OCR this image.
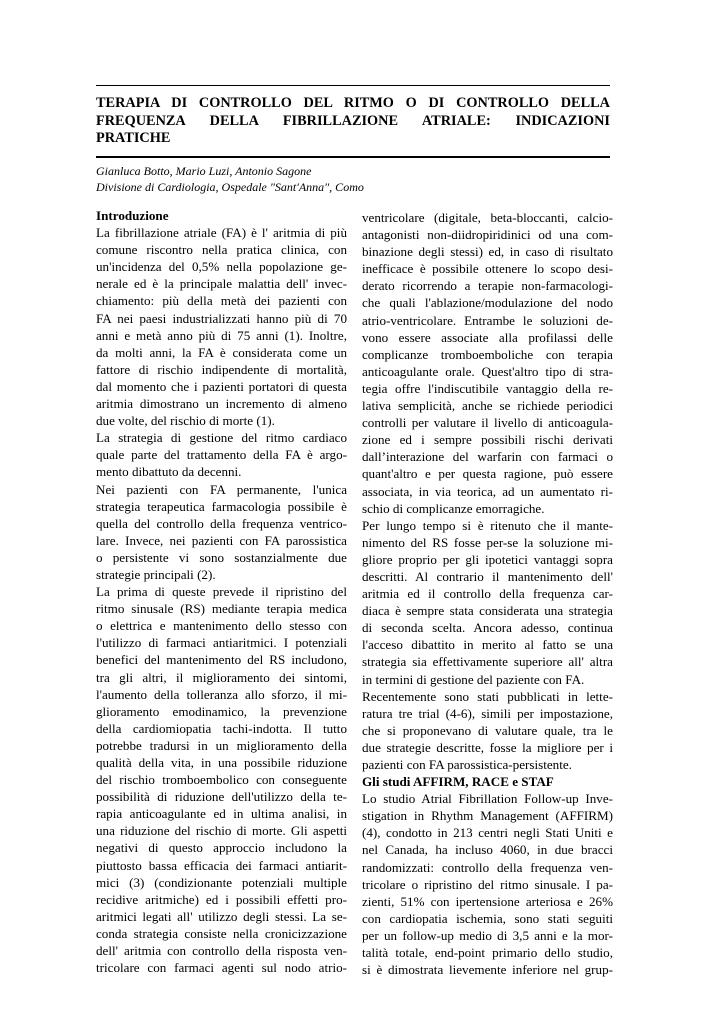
TERAPIA DI CONTROLLO DEL RITMO O DI CONTROLLO DELLA
FREQUENZA DELLA FIBRILLAZIONE ATRIALE: INDICAZIONI
PRATICHE
Gianluca Botto, Mario Luzi, Antonio Sagone
Divisione di Cardiologia, Ospedale "Sant'Anna", Como
Introduzione
La fibrillazione atriale (FA) è l' aritmia di più
comune riscontro nella pratica clinica, con
un'incidenza del 0,5% nella popolazione ge-
nerale ed è la principale malattia dell' invec-
chiamento: più della metà dei pazienti con
FA nei paesi industrializzati hanno più di 70
anni e metà anno più di 75 anni (1). Inoltre,
da molti anni, la FA è considerata come un
fattore di rischio indipendente di mortalità,
dal momento che i pazienti portatori di questa
aritmia dimostrano un incremento di almeno
due volte, del rischio di morte (1).
La strategia di gestione del ritmo cardiaco
quale parte del trattamento della FA è argo-
mento dibattuto da decenni.
Nei pazienti con FA permanente, l'unica
strategia terapeutica farmacologia possibile è
quella del controllo della frequenza ventrico-
lare. Invece, nei pazienti con FA parossistica
o persistente vi sono sostanzialmente due
strategie principali (2).
La prima di queste prevede il ripristino del
ritmo sinusale (RS) mediante terapia medica
o elettrica e mantenimento dello stesso con
l'utilizzo di farmaci antiaritmici. I potenziali
benefici del mantenimento del RS includono,
tra gli altri, il miglioramento dei sintomi,
l'aumento della tolleranza allo sforzo, il mi-
glioramento emodinamico, la prevenzione
della cardiomiopatia tachi-indotta. Il tutto
potrebbe tradursi in un miglioramento della
qualità della vita, in una possibile riduzione
del rischio tromboembolico con conseguente
possibilità di riduzione dell'utilizzo della te-
rapia anticoagulante ed in ultima analisi, in
una riduzione del rischio di morte. Gli aspetti
negativi di questo approccio includono la
piuttosto bassa efficacia dei farmaci antiarit-
mici (3) (condizionante potenziali multiple
recidive aritmiche) ed i possibili effetti pro-
aritmici legati all' utilizzo degli stessi. La se-
conda strategia consiste nella cronicizzazione
dell' aritmia con controllo della risposta ven-
tricolare con farmaci agenti sul nodo atrio-
ventricolare (digitale, beta-bloccanti, calcio-
antagonisti non-diidropiridinici od una com-
binazione degli stessi) ed, in caso di risultato
inefficace è possibile ottenere lo scopo desi-
derato ricorrendo a terapie non-farmacologi-
che quali l'ablazione/modulazione del nodo
atrio-ventricolare. Entrambe le soluzioni de-
vono essere associate alla profilassi delle
complicanze tromboemboliche con terapia
anticoagulante orale. Quest'altro tipo di stra-
tegia offre l'indiscutibile vantaggio della re-
lativa semplicità, anche se richiede periodici
controlli per valutare il livello di anticoagula-
zione ed i sempre possibili rischi derivati
dall’interazione del warfarin con farmaci o
quant'altro e per questa ragione, può essere
associata, in via teorica, ad un aumentato ri-
schio di complicanze emorragiche.
Per lungo tempo si è ritenuto che il mante-
nimento del RS fosse per-se la soluzione mi-
gliore proprio per gli ipotetici vantaggi sopra
descritti. Al contrario il mantenimento dell'
aritmia ed il controllo della frequenza car-
diaca è sempre stata considerata una strategia
di seconda scelta. Ancora adesso, continua
l'acceso dibattito in merito al fatto se una
strategia sia effettivamente superiore all' altra
in termini di gestione del paziente con FA.
Recentemente sono stati pubblicati in lette-
ratura tre trial (4-6), simili per impostazione,
che si proponevano di valutare quale, tra le
due strategie descritte, fosse la migliore per i
pazienti con FA parossistica-persistente.
Gli studi AFFIRM, RACE e STAF
Lo studio Atrial Fibrillation Follow-up Inve-
stigation in Rhythm Management (AFFIRM)
(4), condotto in 213 centri negli Stati Uniti e
nel Canada, ha incluso 4060, in due bracci
randomizzati: controllo della frequenza ven-
tricolare o ripristino del ritmo sinusale. I pa-
zienti, 51% con ipertensione arteriosa e 26%
con cardiopatia ischemia, sono stati seguiti
per un follow-up medio di 3,5 anni e la mor-
talità totale, end-point primario dello studio,
si è dimostrata lievemente inferiore nel grup-
